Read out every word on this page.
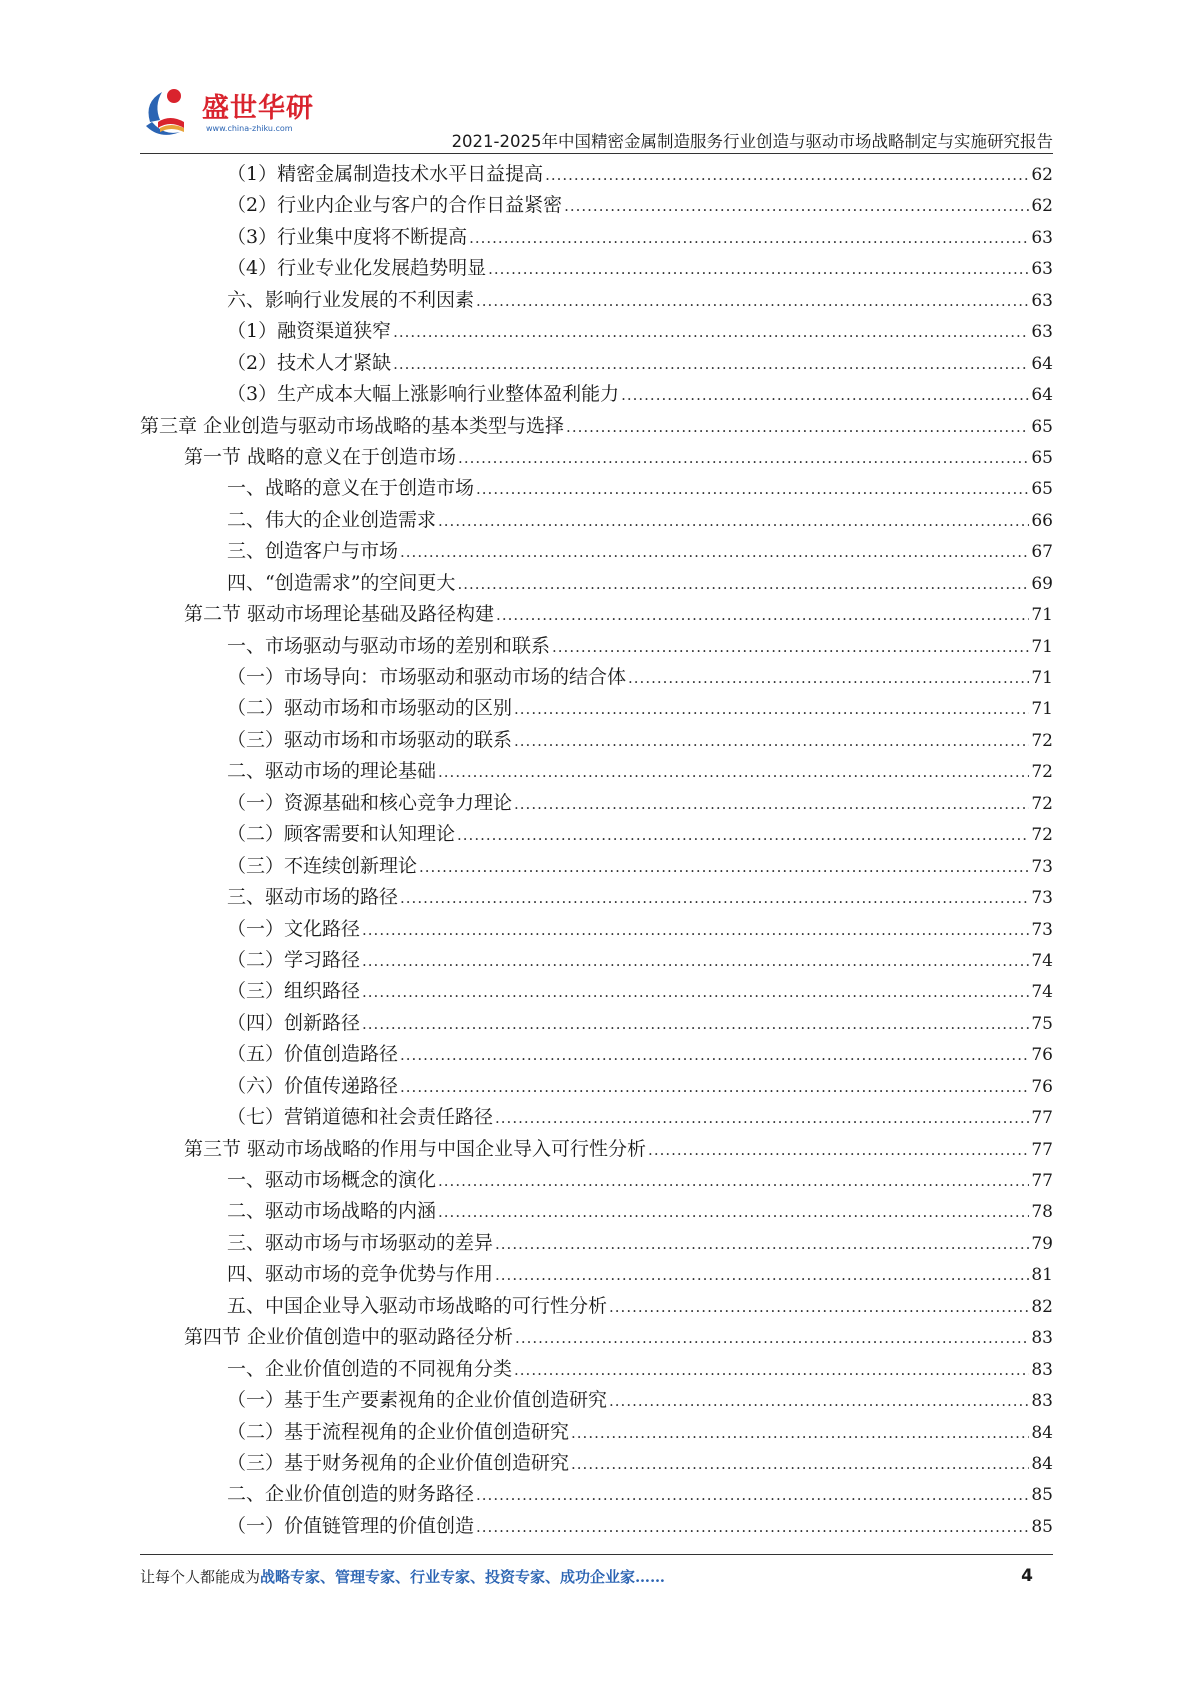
盛世华研
www.china-zhiku.com
2021-2025年中国精密金属制造服务行业创造与驱动市场战略制定与实施研究报告
（1）精密金属制造技术水平日益提高 .....	62
（2）行业内企业与客户的合作日益紧密 .....	62
（3）行业集中度将不断提高 .....	63
（4）行业专业化发展趋势明显 .....	63
六、影响行业发展的不利因素 .....	63
（1）融资渠道狭窄 .....	63
（2）技术人才紧缺 .....	64
（3）生产成本大幅上涨影响行业整体盈利能力 .....	64
第三章 企业创造与驱动市场战略的基本类型与选择 .....	65
第一节 战略的意义在于创造市场 .....	65
一、战略的意义在于创造市场 .....	65
二、伟大的企业创造需求 .....	66
三、创造客户与市场 .....	67
四、“创造需求”的空间更大 .....	69
第二节 驱动市场理论基础及路径构建 .....	71
一、市场驱动与驱动市场的差别和联系 .....	71
（一）市场导向：市场驱动和驱动市场的结合体 .....	71
（二）驱动市场和市场驱动的区别 .....	71
（三）驱动市场和市场驱动的联系 .....	72
二、驱动市场的理论基础 .....	72
（一）资源基础和核心竞争力理论 .....	72
（二）顾客需要和认知理论 .....	72
（三）不连续创新理论 .....	73
三、驱动市场的路径 .....	73
（一）文化路径 .....	73
（二）学习路径 .....	74
（三）组织路径 .....	74
（四）创新路径 .....	75
（五）价值创造路径 .....	76
（六）价值传递路径 .....	76
（七）营销道德和社会责任路径 .....	77
第三节 驱动市场战略的作用与中国企业导入可行性分析 .....	77
一、驱动市场概念的演化 .....	77
二、驱动市场战略的内涵 .....	78
三、驱动市场与市场驱动的差异 .....	79
四、驱动市场的竞争优势与作用 .....	81
五、中国企业导入驱动市场战略的可行性分析 .....	82
第四节 企业价值创造中的驱动路径分析 .....	83
一、企业价值创造的不同视角分类 .....	83
（一）基于生产要素视角的企业价值创造研究 .....	83
（二）基于流程视角的企业价值创造研究 .....	84
（三）基于财务视角的企业价值创造研究 .....	84
二、企业价值创造的财务路径 .....	85
（一）价值链管理的价值创造 .....	85
让每个人都能成为战略专家、管理专家、行业专家、投资专家、成功企业家……	4
